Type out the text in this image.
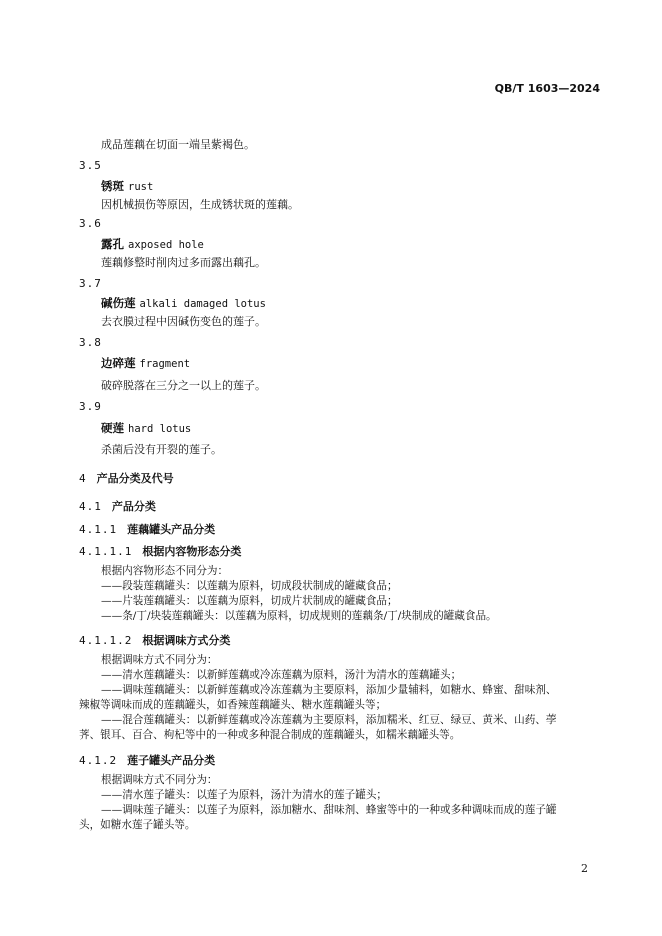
QB/T 1603—2024
成品莲藕在切面一端呈紫褐色。
3.5
锈斑 rust
因机械损伤等原因，生成锈状斑的莲藕。
3.6
露孔 axposed hole
莲藕修整时削肉过多而露出藕孔。
3.7
碱伤莲 alkali damaged lotus
去衣膜过程中因碱伤变色的莲子。
3.8
边碎莲 fragment
破碎脱落在三分之一以上的莲子。
3.9
硬莲 hard lotus
杀菌后没有开裂的莲子。
4 产品分类及代号
4.1 产品分类
4.1.1 莲藕罐头产品分类
4.1.1.1 根据内容物形态分类
根据内容物形态不同分为：
——段装莲藕罐头：以莲藕为原料，切成段状制成的罐藏食品；
——片装莲藕罐头：以莲藕为原料，切成片状制成的罐藏食品；
——条/丁/块装莲藕罐头：以莲藕为原料，切成规则的莲藕条/丁/块制成的罐藏食品。
4.1.1.2 根据调味方式分类
根据调味方式不同分为：
——清水莲藕罐头：以新鲜莲藕或冷冻莲藕为原料，汤汁为清水的莲藕罐头；
——调味莲藕罐头：以新鲜莲藕或冷冻莲藕为主要原料，添加少量辅料，如糖水、蜂蜜、甜味剂、
辣椒等调味而成的莲藕罐头，如香辣莲藕罐头、糖水莲藕罐头等；
——混合莲藕罐头：以新鲜莲藕或冷冻莲藕为主要原料，添加糯米、红豆、绿豆、黄米、山药、荸
荠、银耳、百合、枸杞等中的一种或多种混合制成的莲藕罐头，如糯米藕罐头等。
4.1.2 莲子罐头产品分类
根据调味方式不同分为：
——清水莲子罐头：以莲子为原料，汤汁为清水的莲子罐头；
——调味莲子罐头：以莲子为原料，添加糖水、甜味剂、蜂蜜等中的一种或多种调味而成的莲子罐
头，如糖水莲子罐头等。
2
